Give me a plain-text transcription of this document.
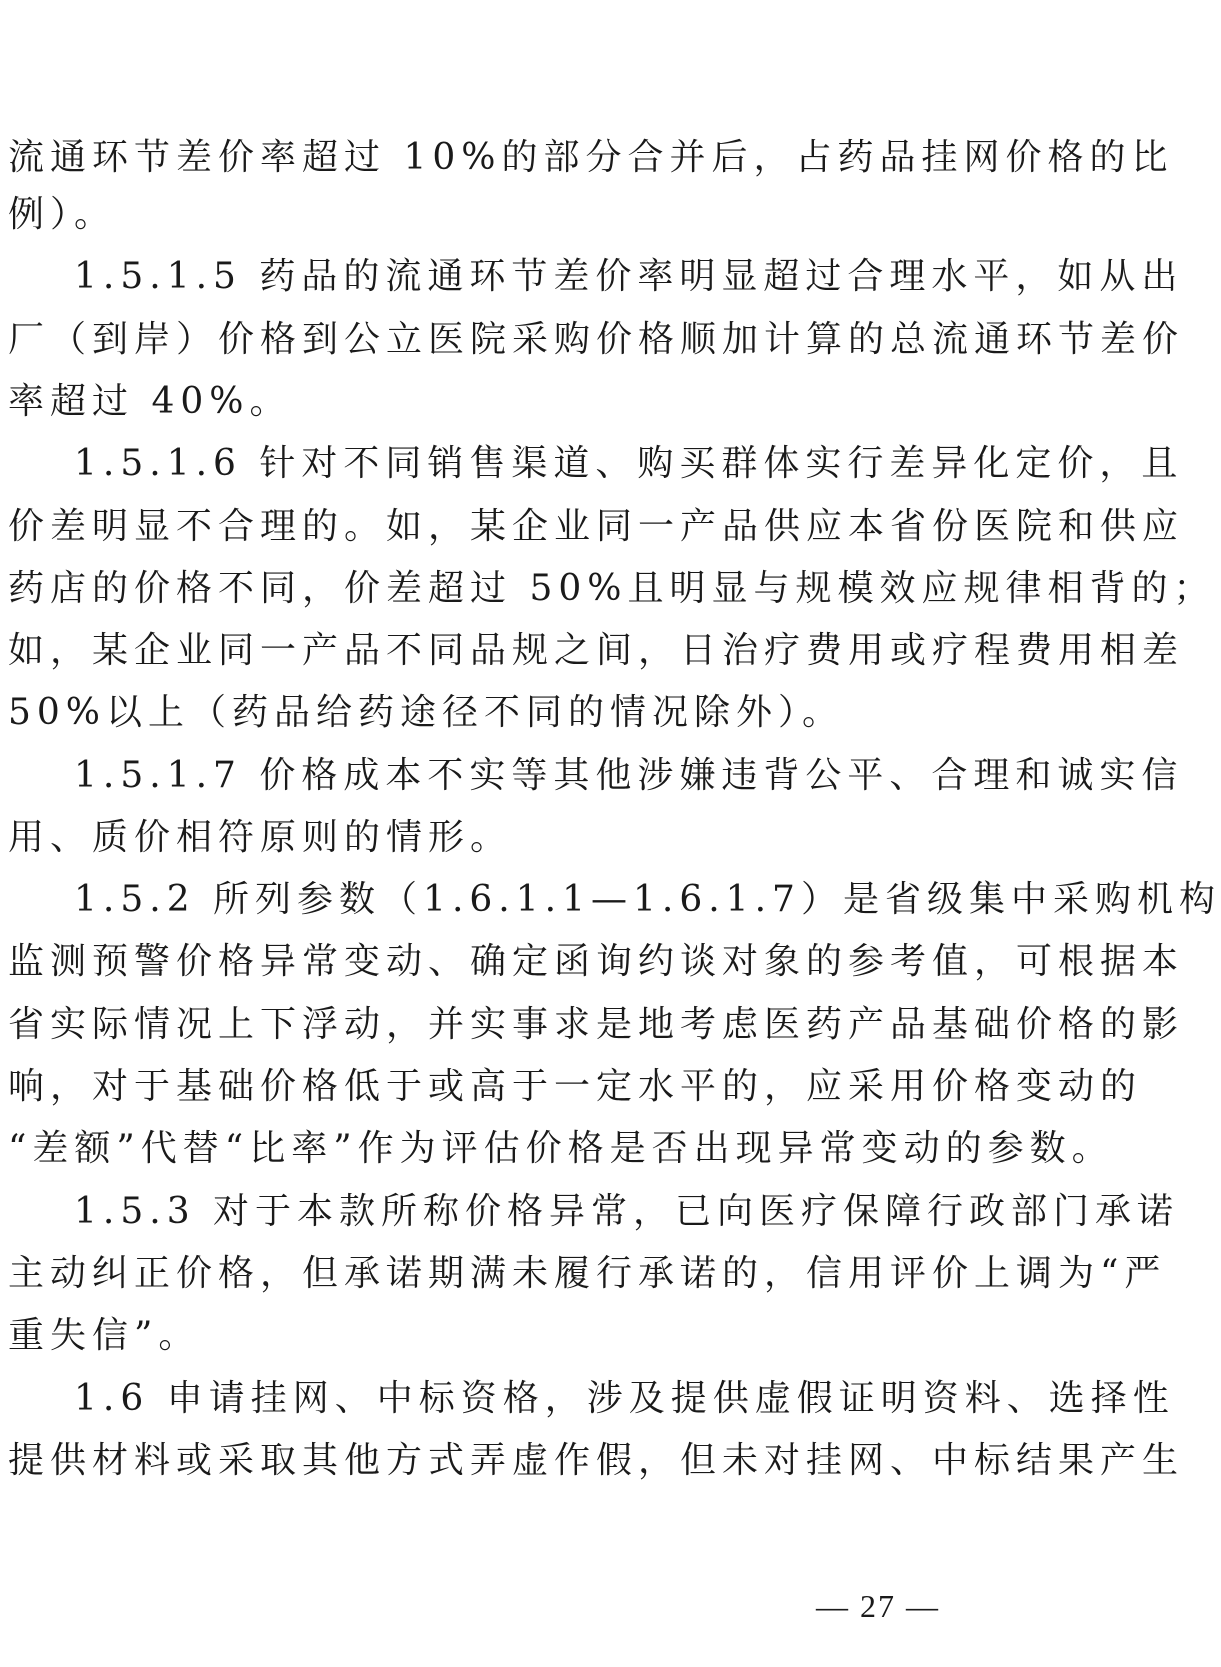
流通环节差价率超过 10%的部分合并后，占药品挂网价格的比
例）。
1.5.1.5 药品的流通环节差价率明显超过合理水平，如从出
厂（到岸）价格到公立医院采购价格顺加计算的总流通环节差价
率超过 40%。
1.5.1.6 针对不同销售渠道、购买群体实行差异化定价，且
价差明显不合理的。如，某企业同一产品供应本省份医院和供应
药店的价格不同，价差超过 50%且明显与规模效应规律相背的；
如，某企业同一产品不同品规之间，日治疗费用或疗程费用相差
50%以上（药品给药途径不同的情况除外）。
1.5.1.7 价格成本不实等其他涉嫌违背公平、合理和诚实信
用、质价相符原则的情形。
1.5.2 所列参数（1.6.1.1—1.6.1.7）是省级集中采购机构
监测预警价格异常变动、确定函询约谈对象的参考值，可根据本
省实际情况上下浮动，并实事求是地考虑医药产品基础价格的影
响，对于基础价格低于或高于一定水平的，应采用价格变动的
“差额”代替“比率”作为评估价格是否出现异常变动的参数。
1.5.3 对于本款所称价格异常，已向医疗保障行政部门承诺
主动纠正价格，但承诺期满未履行承诺的，信用评价上调为“严
重失信”。
1.6 申请挂网、中标资格，涉及提供虚假证明资料、选择性
提供材料或采取其他方式弄虚作假，但未对挂网、中标结果产生
— 27 —
